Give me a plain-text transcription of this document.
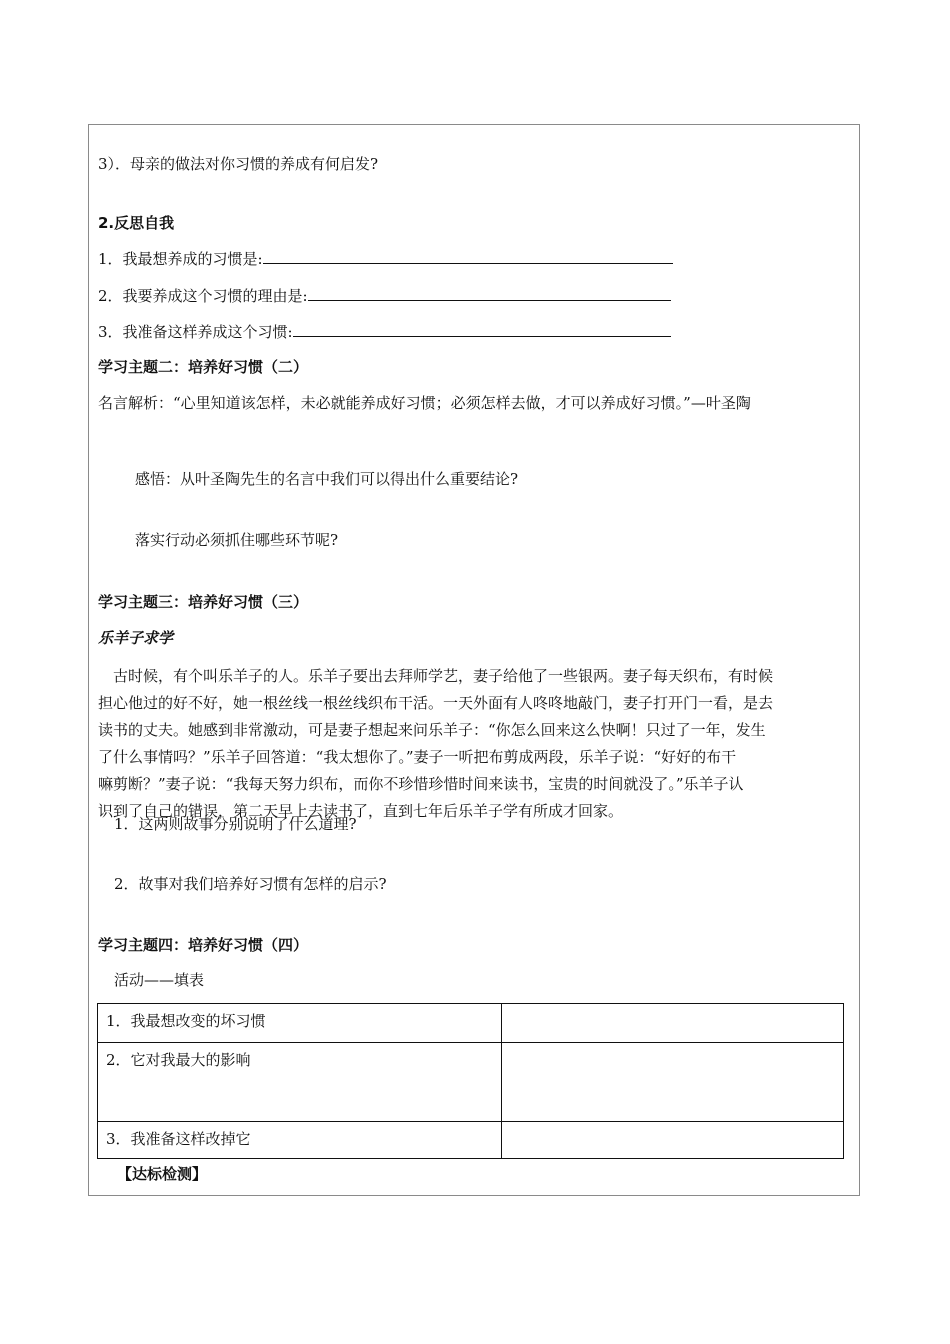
3）．母亲的做法对你习惯的养成有何启发?
2.反思自我
1．我最想养成的习惯是:
2．我要养成这个习惯的理由是:
3．我准备这样养成这个习惯:
学习主题二：培养好习惯（二）
名言解析：“心里知道该怎样，未必就能养成好习惯；必须怎样去做，才可以养成好习惯。”—叶圣陶
感悟：从叶圣陶先生的名言中我们可以得出什么重要结论?
落实行动必须抓住哪些环节呢?
学习主题三：培养好习惯（三）
乐羊子求学
古时候，有个叫乐羊子的人。乐羊子要出去拜师学艺，妻子给他了一些银两。妻子每天织布，有时候
担心他过的好不好，她一根丝线一根丝线织布干活。一天外面有人咚咚地敲门，妻子打开门一看，是去
读书的丈夫。她感到非常激动，可是妻子想起来问乐羊子：“你怎么回来这么快啊！只过了一年，发生
了什么事情吗？”乐羊子回答道：“我太想你了。”妻子一听把布剪成两段，乐羊子说：“好好的布干
嘛剪断？”妻子说：“我每天努力织布，而你不珍惜珍惜时间来读书，宝贵的时间就没了。”乐羊子认
识到了自己的错误，第二天早上去读书了，直到七年后乐羊子学有所成才回家。
1．这两则故事分别说明了什么道理?
2．故事对我们培养好习惯有怎样的启示?
学习主题四：培养好习惯（四）
活动——填表
1．我最想改变的坏习惯	
2．它对我最大的影响	
3．我准备这样改掉它	
【达标检测】
